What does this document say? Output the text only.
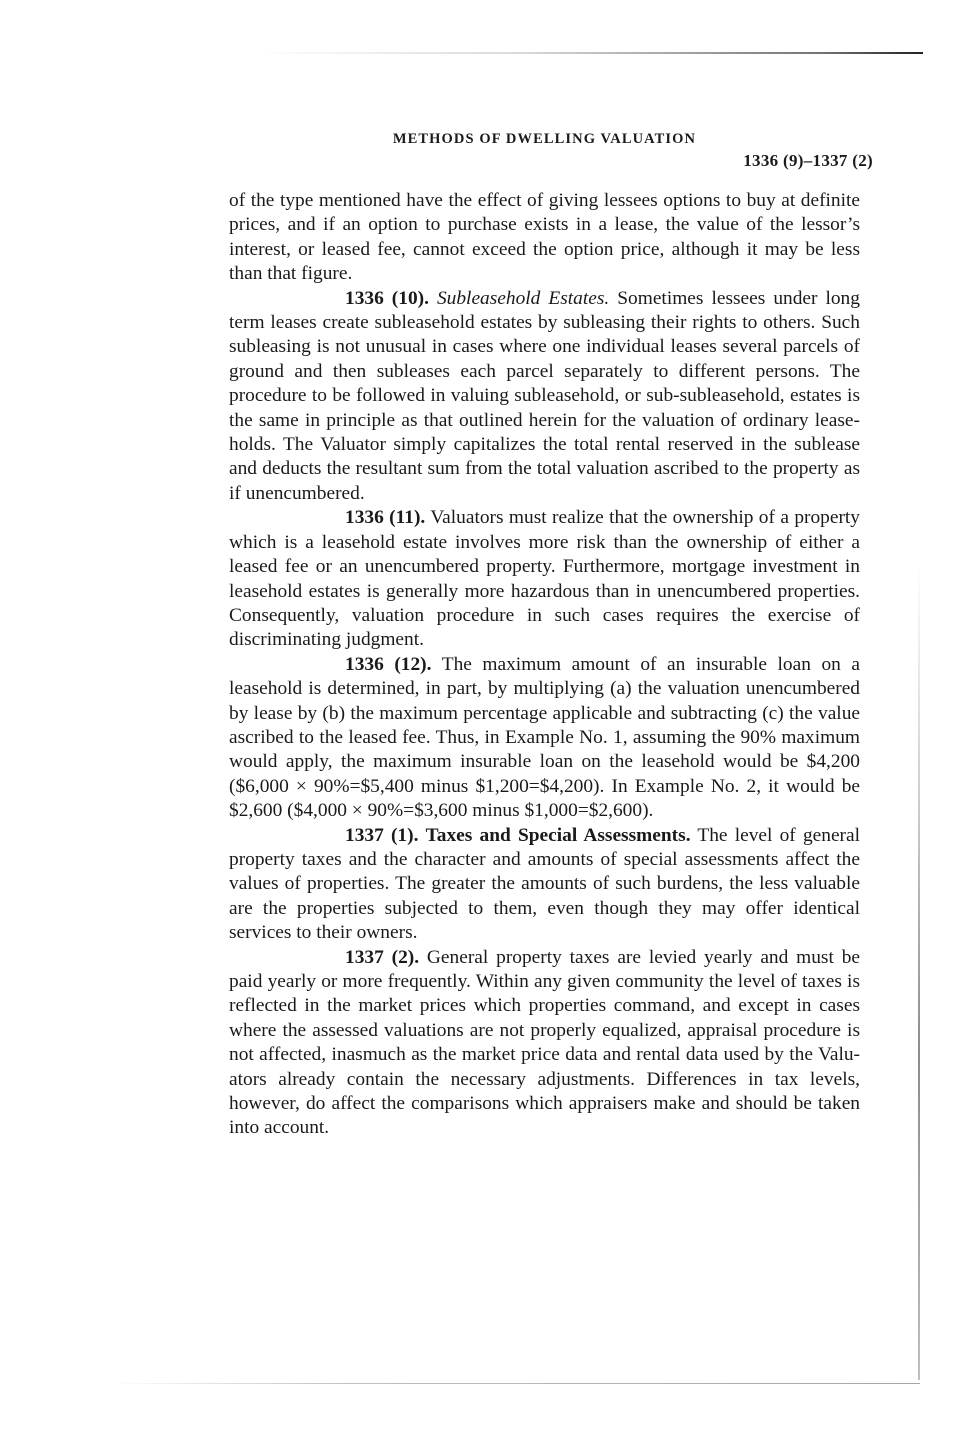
METHODS OF DWELLING VALUATION
1336 (9)–1337 (2)

of the type mentioned have the effect of giving lessees options to buy at definite prices, and if an option to purchase exists in a lease, the value of the lessor’s interest, or leased fee, cannot exceed the option price, although it may be less than that figure.

1336 (10). Subleasehold Estates. Sometimes lessees under long term leases create subleasehold estates by subleasing their rights to others. Such subleasing is not unusual in cases where one individual leases several parcels of ground and then subleases each parcel separately to different persons. The procedure to be followed in valuing subleasehold, or sub-subleasehold, estates is the same in principle as that outlined herein for the valuation of ordinary leaseholds. The Valuator simply capitalizes the total rental reserved in the sublease and deducts the resultant sum from the total valuation ascribed to the property as if unencumbered.

1336 (11). Valuators must realize that the ownership of a property which is a leasehold estate involves more risk than the ownership of either a leased fee or an unencumbered property. Furthermore, mortgage investment in leasehold estates is generally more hazardous than in unencumbered properties. Consequently, valuation procedure in such cases requires the exercise of discriminating judgment.

1336 (12). The maximum amount of an insurable loan on a leasehold is determined, in part, by multiplying (a) the valuation unencumbered by lease by (b) the maximum percentage applicable and subtracting (c) the value ascribed to the leased fee. Thus, in Example No. 1, assuming the 90% maximum would apply, the maximum insurable loan on the leasehold would be $4,200 ($6,000 × 90%=$5,400 minus $1,200=$4,200). In Example No. 2, it would be $2,600 ($4,000 × 90%=$3,600 minus $1,000=$2,600).

1337 (1). Taxes and Special Assessments. The level of general property taxes and the character and amounts of special assessments affect the values of properties. The greater the amounts of such burdens, the less valuable are the properties subjected to them, even though they may offer identical services to their owners.

1337 (2). General property taxes are levied yearly and must be paid yearly or more frequently. Within any given community the level of taxes is reflected in the market prices which properties command, and except in cases where the assessed valuations are not properly equalized, appraisal procedure is not affected, inasmuch as the market price data and rental data used by the Valuators already contain the necessary adjustments. Differences in tax levels, however, do affect the comparisons which appraisers make and should be taken into account.
